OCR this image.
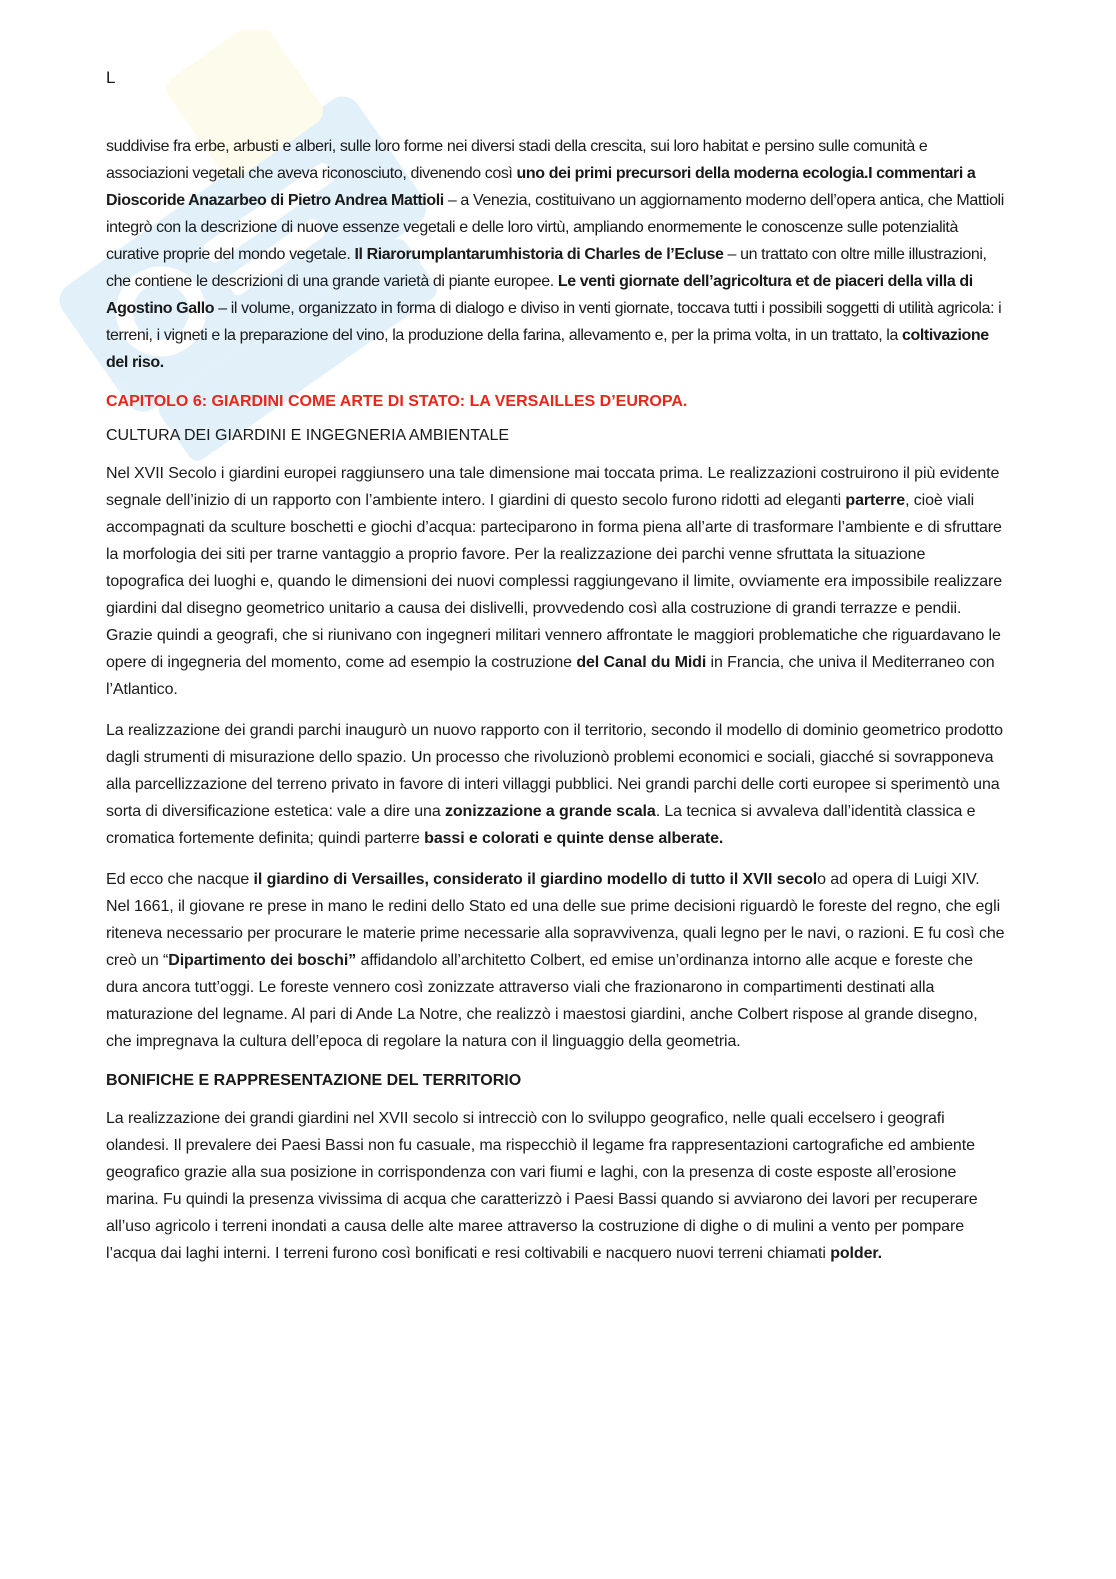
L

suddivise fra erbe, arbusti e alberi, sulle loro forme nei diversi stadi della crescita, sui loro habitat e persino sulle comunità e associazioni vegetali che aveva riconosciuto, divenendo così uno dei primi precursori della moderna ecologia.I commentari a Dioscoride Anazarbeo di Pietro Andrea Mattioli – a Venezia, costituivano un aggiornamento moderno dell’opera antica, che Mattioli integrò con la descrizione di nuove essenze vegetali e delle loro virtù, ampliando enormemente le conoscenze sulle potenzialità curative proprie del mondo vegetale. Il Riarorumplantarumhistoria di Charles de l’Ecluse – un trattato con oltre mille illustrazioni, che contiene le descrizioni di una grande varietà di piante europee. Le venti giornate dell’agricoltura et de piaceri della villa di Agostino Gallo – il volume, organizzato in forma di dialogo e diviso in venti giornate, toccava tutti i possibili soggetti di utilità agricola: i terreni, i vigneti e la preparazione del vino, la produzione della farina, allevamento e, per la prima volta, in un trattato, la coltivazione del riso.

CAPITOLO 6: GIARDINI COME ARTE DI STATO: LA VERSAILLES D’EUROPA.
CULTURA DEI GIARDINI E INGEGNERIA AMBIENTALE

Nel XVII Secolo i giardini europei raggiunsero una tale dimensione mai toccata prima. Le realizzazioni costruirono il più evidente segnale dell’inizio di un rapporto con l’ambiente intero. I giardini di questo secolo furono ridotti ad eleganti parterre, cioè viali accompagnati da sculture boschetti e giochi d’acqua: parteciparono in forma piena all’arte di trasformare l’ambiente e di sfruttare la morfologia dei siti per trarne vantaggio a proprio favore. Per la realizzazione dei parchi venne sfruttata la situazione topografica dei luoghi e, quando le dimensioni dei nuovi complessi raggiungevano il limite, ovviamente era impossibile realizzare giardini dal disegno geometrico unitario a causa dei dislivelli, provvedendo così alla costruzione di grandi terrazze e pendii. Grazie quindi a geografi, che si riunivano con ingegneri militari vennero affrontate le maggiori problematiche che riguardavano le opere di ingegneria del momento, come ad esempio la costruzione del Canal du Midi in Francia, che univa il Mediterraneo con l’Atlantico.

La realizzazione dei grandi parchi inaugurò un nuovo rapporto con il territorio, secondo il modello di dominio geometrico prodotto dagli strumenti di misurazione dello spazio. Un processo che rivoluzionò problemi economici e sociali, giacché si sovrapponeva alla parcellizzazione del terreno privato in favore di interi villaggi pubblici. Nei grandi parchi delle corti europee si sperimentò una sorta di diversificazione estetica: vale a dire una zonizzazione a grande scala. La tecnica si avvaleva dall’identità classica e cromatica fortemente definita; quindi parterre bassi e colorati e quinte dense alberate.

Ed ecco che nacque il giardino di Versailles, considerato il giardino modello di tutto il XVII secolo ad opera di Luigi XIV. Nel 1661, il giovane re prese in mano le redini dello Stato ed una delle sue prime decisioni riguardò le foreste del regno, che egli riteneva necessario per procurare le materie prime necessarie alla sopravvivenza, quali legno per le navi, o razioni. E fu così che creò un “Dipartimento dei boschi” affidandolo all’architetto Colbert, ed emise un’ordinanza intorno alle acque e foreste che dura ancora tutt’oggi. Le foreste vennero così zonizzate attraverso viali che frazionarono in compartimenti destinati alla maturazione del legname. Al pari di Ande La Notre, che realizzò i maestosi giardini, anche Colbert rispose al grande disegno, che impregnava la cultura dell’epoca di regolare la natura con il linguaggio della geometria.

BONIFICHE E RAPPRESENTAZIONE DEL TERRITORIO

La realizzazione dei grandi giardini nel XVII secolo si intrecciò con lo sviluppo geografico, nelle quali eccelsero i geografi olandesi. Il prevalere dei Paesi Bassi non fu casuale, ma rispecchiò il legame fra rappresentazioni cartografiche ed ambiente geografico grazie alla sua posizione in corrispondenza con vari fiumi e laghi, con la presenza di coste esposte all’erosione marina. Fu quindi la presenza vivissima di acqua che caratterizzò i Paesi Bassi quando si avviarono dei lavori per recuperare all’uso agricolo i terreni inondati a causa delle alte maree attraverso la costruzione di dighe o di mulini a vento per pompare l’acqua dai laghi interni. I terreni furono così bonificati e resi coltivabili e nacquero nuovi terreni chiamati polder.
